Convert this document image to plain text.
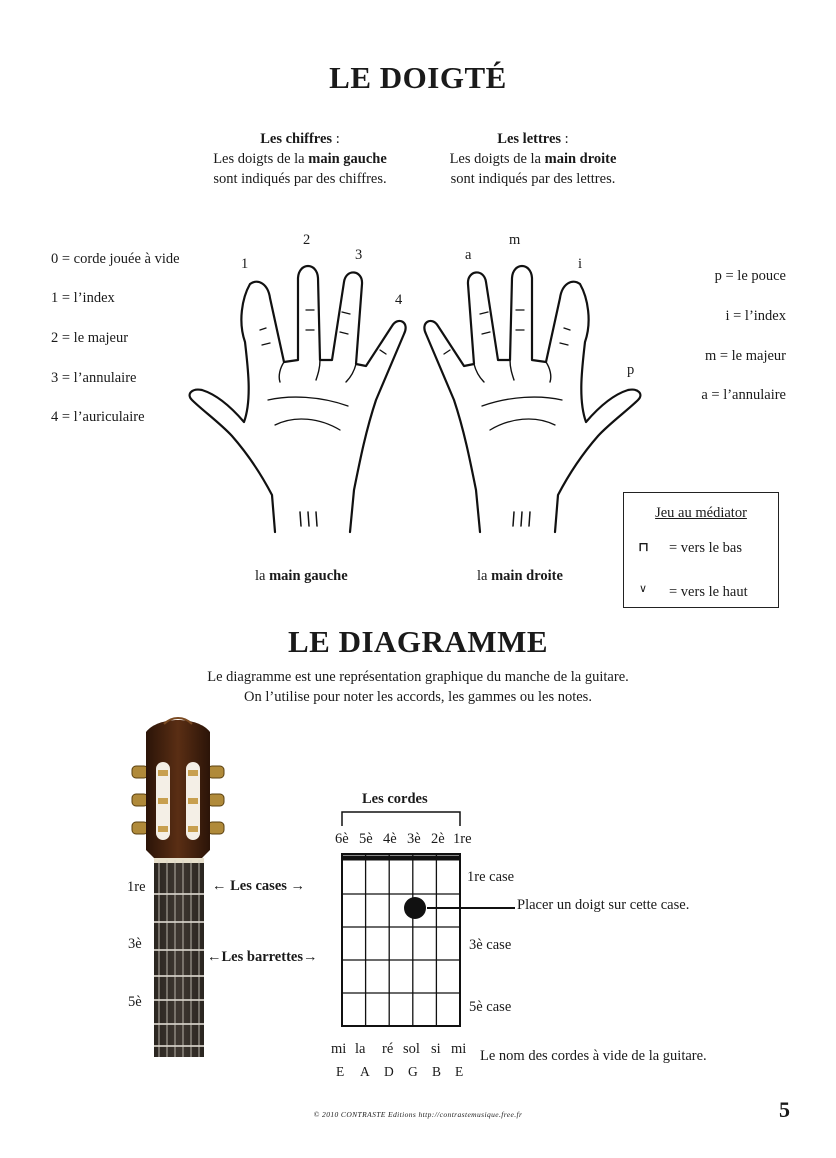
LE DOIGTÉ
Les chiffres :
Les doigts de la main gauche
sont indiqués par des chiffres.
Les lettres :
Les doigts de la main droite
sont indiqués par des lettres.
0 = corde jouée à vide
1 = l’index
2 = le majeur
3 = l’annulaire
4 = l’auriculaire
p = le pouce
i = l’index
m = le majeur
a = l’annulaire
1
2
3
4
a
m
i
p
la main gauche	la main droite
Jeu au médiator
⊓ = vers le bas
∨ = vers le haut
LE DIAGRAMME
Le diagramme est une représentation graphique du manche de la guitare.
On l’utilise pour noter les accords, les gammes ou les notes.
1re
3è
5è
← Les cases →
←Les barrettes→
Les cordes
6è 5è 4è 3è 2è 1re
1re case
3è case
5è case
Placer un doigt sur cette case.
mi la ré sol si mi Le nom des cordes à vide de la guitare.
E A D G B E
© 2010 CONTRASTE Editions http://contrastemusique.free.fr	5
